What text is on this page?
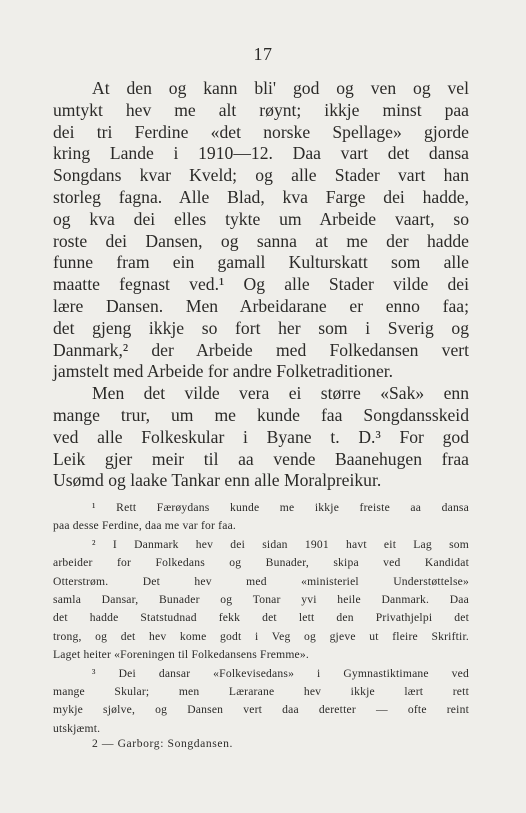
17
At den og kann bli' god og ven og vel
umtykt hev me alt røynt; ikkje minst paa
dei tri Ferdine «det norske Spellage» gjorde
kring Lande i 1910—12. Daa vart det dansa
Songdans kvar Kveld; og alle Stader vart han
storleg fagna. Alle Blad, kva Farge dei hadde,
og kva dei elles tykte um Arbeide vaart, so
roste dei Dansen, og sanna at me der hadde
funne fram ein gamall Kulturskatt som alle
maatte fegnast ved.¹ Og alle Stader vilde dei
lære Dansen. Men Arbeidarane er enno faa;
det gjeng ikkje so fort her som i Sverig og
Danmark,² der Arbeide med Folkedansen vert
jamstelt med Arbeide for andre Folketraditioner.
Men det vilde vera ei større «Sak» enn
mange trur, um me kunde faa Songdansskeid
ved alle Folkeskular i Byane t. D.³ For god
Leik gjer meir til aa vende Baanehugen fraa
Usømd og laake Tankar enn alle Moralpreikur.
¹ Rett Færøydans kunde me ikkje freiste aa dansa
paa desse Ferdine, daa me var for faa.
² I Danmark hev dei sidan 1901 havt eit Lag som
arbeider for Folkedans og Bunader, skipa ved Kandidat
Otterstrøm. Det hev med «ministeriel Understøttelse»
samla Dansar, Bunader og Tonar yvi heile Danmark. Daa
det hadde Statstudnad fekk det lett den Privathjelpi det
trong, og det hev kome godt i Veg og gjeve ut fleire Skriftir.
Laget heiter «Foreningen til Folkedansens Fremme».
³ Dei dansar «Folkevisedans» i Gymnastiktimane ved
mange Skular; men Lærarane hev ikkje lært rett
mykje sjølve, og Dansen vert daa deretter — ofte reint
utskjæmt.
2 — Garborg: Songdansen.
